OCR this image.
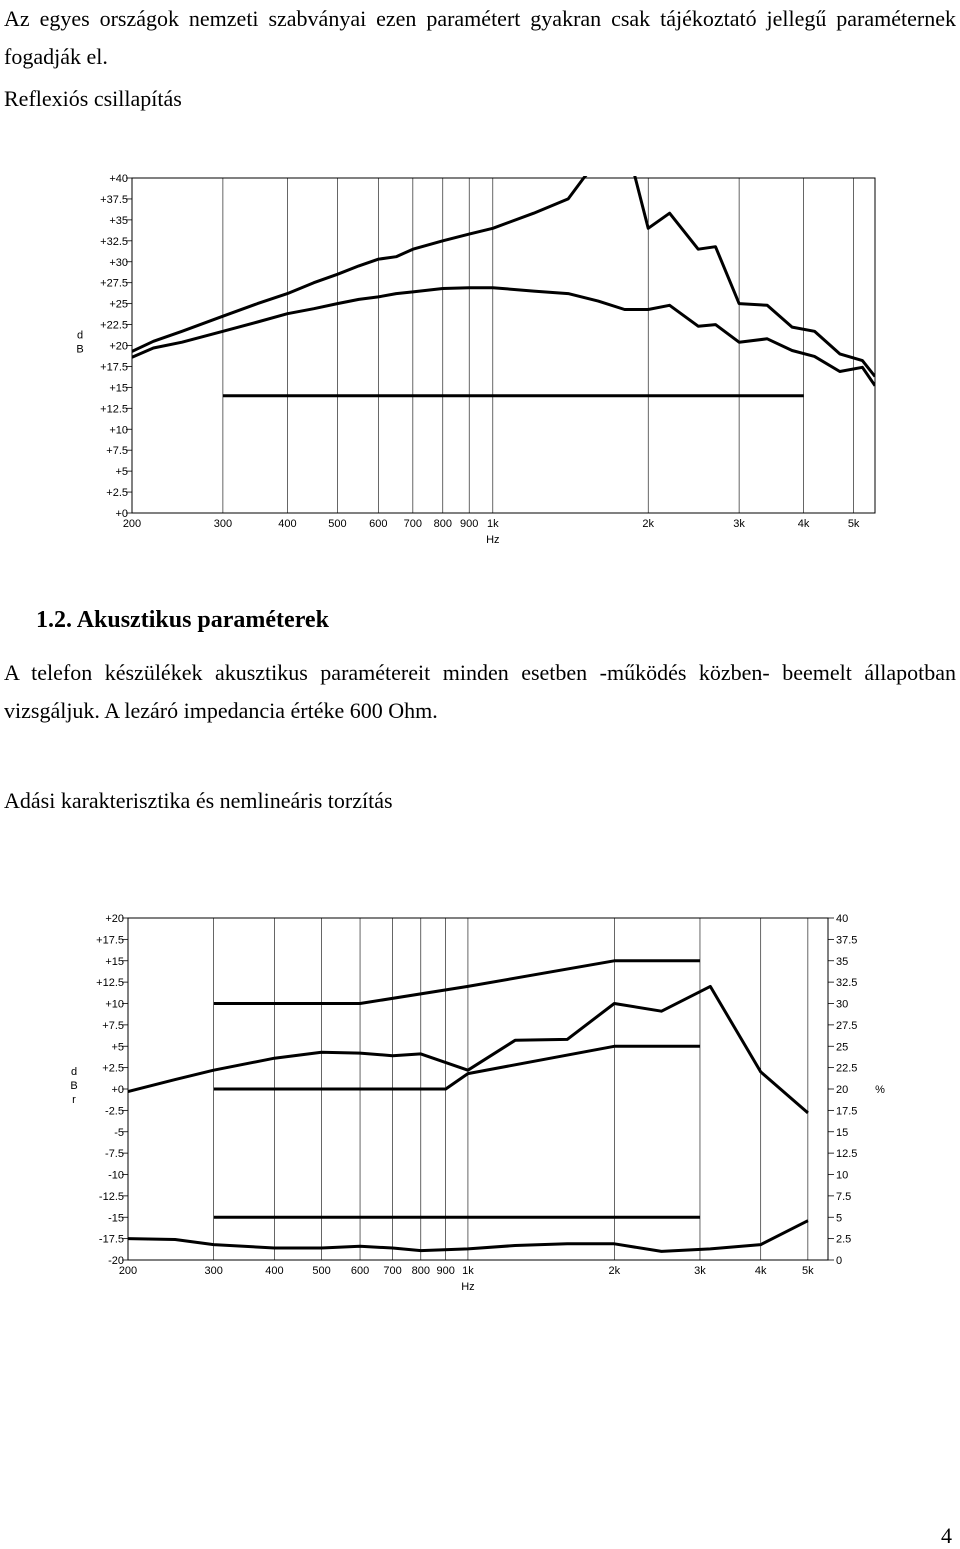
Az egyes országok nemzeti szabványai ezen paramétert gyakran csak tájékoztató jellegű paraméternek fogadják el.

Reflexiós csillapítás
200	300	400	500 600 700 800 900 1k	2k	3k	4k	5k
Hz
+0
+2.5
+5
+7.5
+10
+12.5
+15
+17.5
+20
+22.5
+25
+27.5
+30
+32.5
+35
+37.5
+40
d
B
1.2. Akusztikus paraméterek

A telefon készülékek akusztikus paramétereit minden esetben -működés közben- beemelt állapotban vizsgáljuk. A lezáró impedancia értéke 600 Ohm.

Adási karakterisztika és nemlineáris torzítás
200	300	400	500 600 700 800 900 1k	2k	3k	4k	5k
Hz
-20
-17.5
-15
-12.5
-10
-7.5
-5
-2.5
+0
+2.5
+5
+7.5
+10
+12.5
+15
+17.5
+20
d
B
r
0
2.5
5
7.5
10
12.5
15
17.5
20
22.5
25
27.5
30
32.5
35
37.5
40
%
4
